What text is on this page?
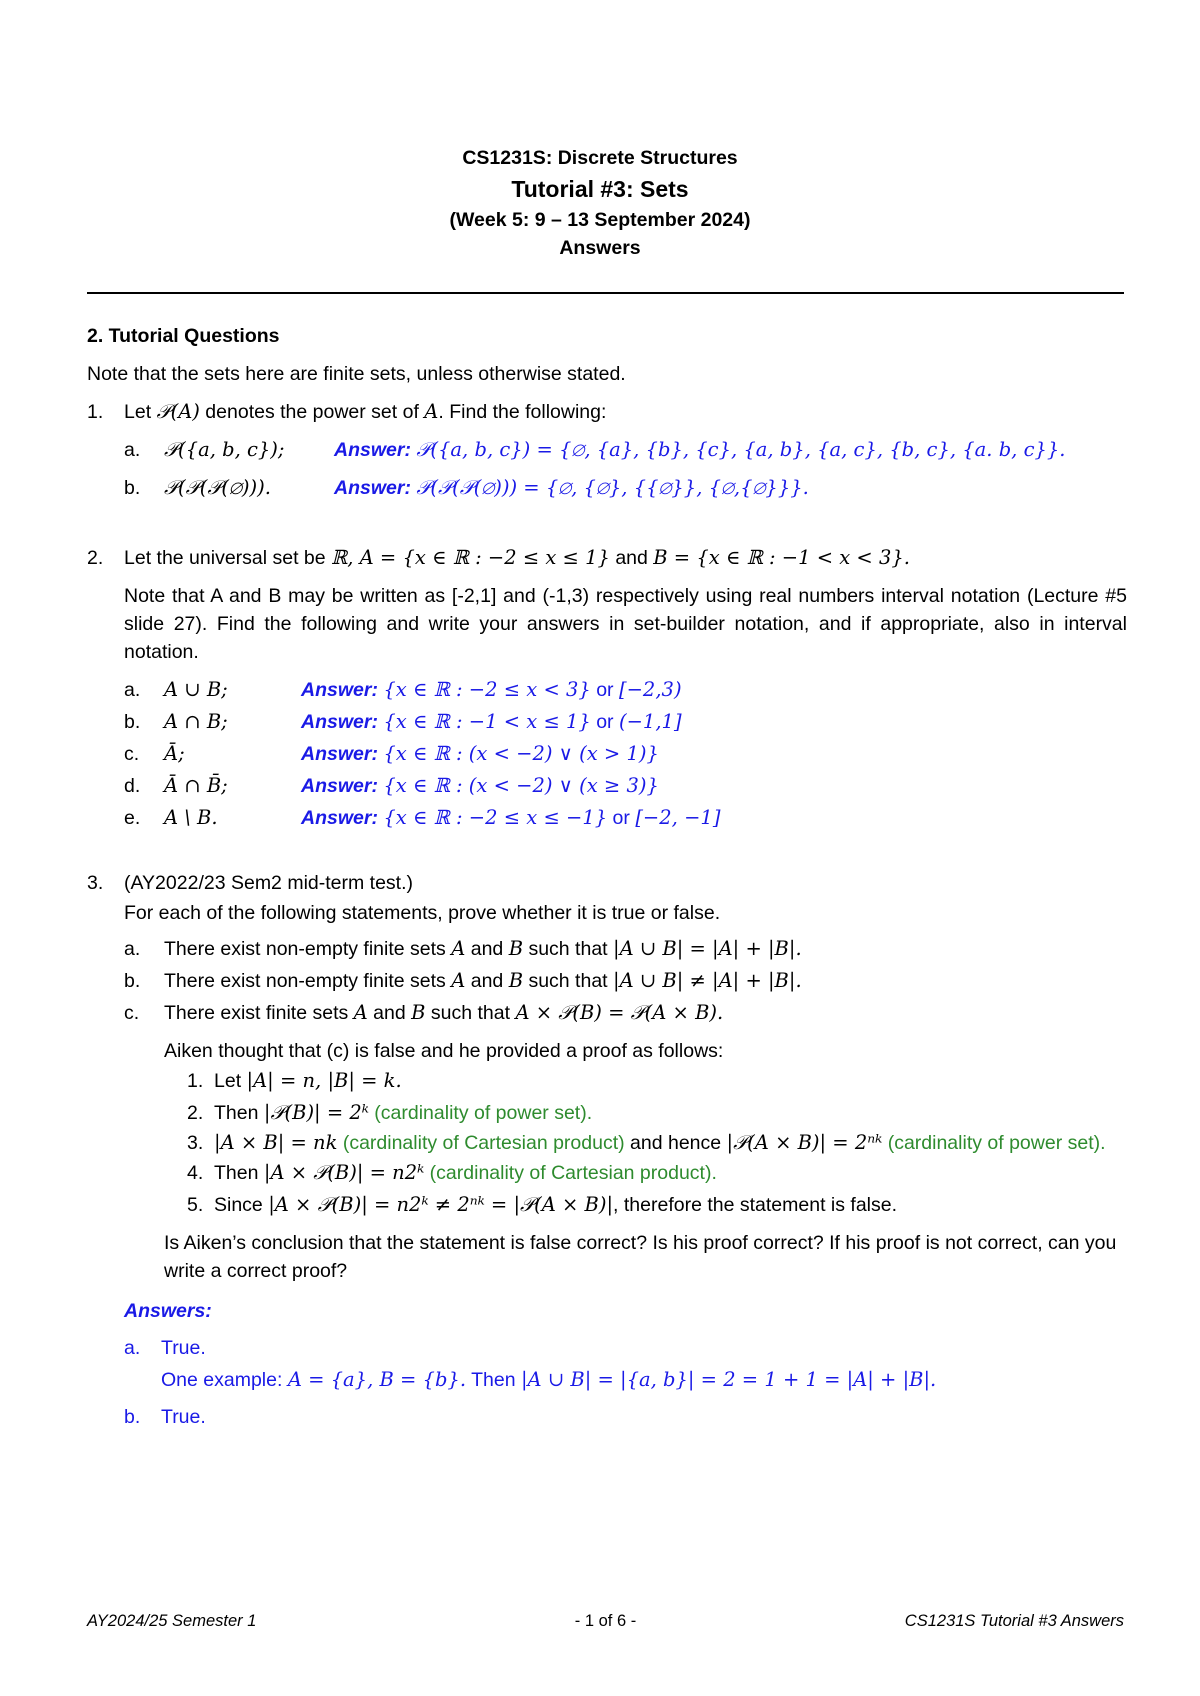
CS1231S: Discrete Structures
Tutorial #3: Sets
(Week 5: 9 – 13 September 2024)
Answers
2. Tutorial Questions
Note that the sets here are finite sets, unless otherwise stated.
1.	Let 𝒫(A) denotes the power set of A. Find the following:
a.	𝒫({a, b, c});	Answer:
𝒫({a, b, c}) = {∅, {a}, {b}, {c}, {a, b}, {a, c}, {b, c}, {a. b, c}}.
b.	𝒫(𝒫(𝒫(∅))).	Answer:
𝒫(𝒫(𝒫(∅))) = {∅, {∅}, {{∅}}, {∅,{∅}}}.
2.	Let the universal set be ℝ, A = {x ∈ ℝ : −2 ≤ x ≤ 1} and B = {x ∈ ℝ : −1 < x < 3}.
Note that A and B may be written as [-2,1] and (-1,3) respectively using real numbers interval notation (Lecture #5 slide 27). Find the following and write your answers in set-builder notation, and if appropriate, also in interval notation.
a.	A ∪ B;	Answer:
{x ∈ ℝ : −2 ≤ x < 3} or [−2,3)
b.	A ∩ B;	Answer:
{x ∈ ℝ : −1 < x ≤ 1} or (−1,1]
c.	Ā;	Answer:
{x ∈ ℝ : (x < −2) ∨ (x > 1)}
d.	Ā ∩ B̄;	Answer:
{x ∈ ℝ : (x < −2) ∨ (x ≥ 3)}
e.	A \ B.	Answer:
{x ∈ ℝ : −2 ≤ x ≤ −1} or [−2, −1]
3.	(AY2022/23 Sem2 mid-term test.)
For each of the following statements, prove whether it is true or false.
a.	There exist non-empty finite sets A and B such that |A ∪ B| = |A| + |B|.
b.	There exist non-empty finite sets A and B such that |A ∪ B| ≠ |A| + |B|.
c.	There exist finite sets A and B such that A × 𝒫(B) = 𝒫(A × B).
Aiken thought that (c) is false and he provided a proof as follows:
1. Let |A| = n, |B| = k.
2. Then |𝒫(B)| = 2ᵏ (cardinality of power set).
3. |A × B| = nk (cardinality of Cartesian product) and hence |𝒫(A × B)| = 2ⁿᵏ (cardinality of power set).
4. Then |A × 𝒫(B)| = n2ᵏ (cardinality of Cartesian product).
5. Since |A × 𝒫(B)| = n2ᵏ ≠ 2ⁿᵏ = |𝒫(A × B)|, therefore the statement is false.
Is Aiken’s conclusion that the statement is false correct? Is his proof correct? If his proof is not correct, can you write a correct proof?
Answers:
a.	True.
One example: A = {a}, B = {b}. Then |A ∪ B| = |{a, b}| = 2 = 1 + 1 = |A| + |B|.
b.	True.
AY2024/25 Semester 1	- 1 of 6 -	CS1231S Tutorial #3 Answers
